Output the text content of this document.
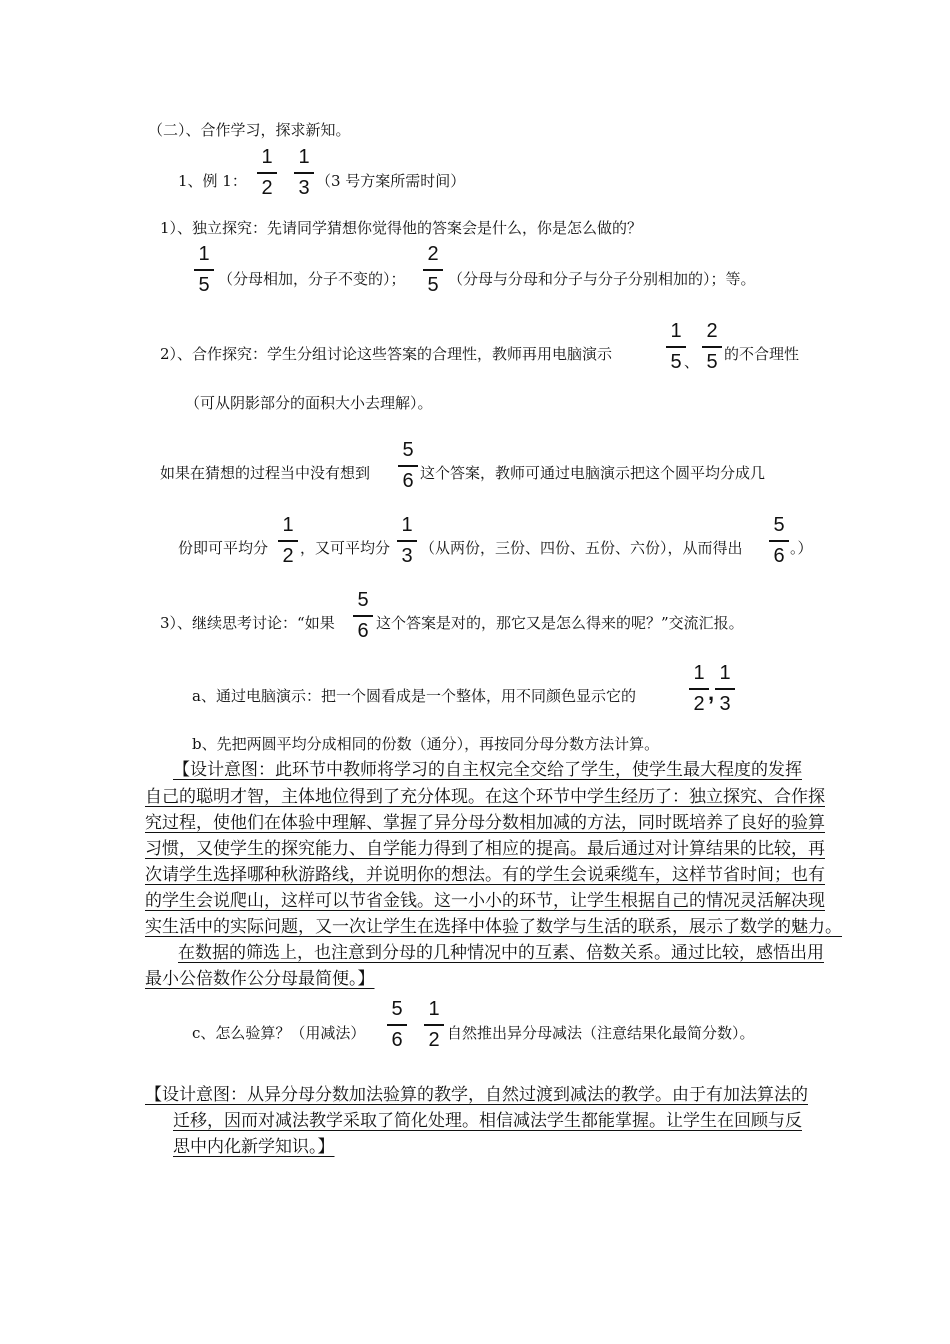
（二）、合作学习，探求新知。
1、例 1：
1
2
1
3 （3 号方案所需时间）
1）、独立探究：先请同学猜想你觉得他的答案会是什么，你是怎么做的？
1
5 （分母相加，分子不变的）；
2
5 （分母与分母和分子与分子分别相加的）；等。
2）、合作探究：学生分组讨论这些答案的合理性，教师再用电脑演示
1
5 、
2
5 的不合理性
（可从阴影部分的面积大小去理解）。
如果在猜想的过程当中没有想到
5
6 这个答案，教师可通过电脑演示把这个圆平均分成几
份即可平均分
1
2 ，又可平均分
1
3 （从两份，三份、四份、五份、六份），从而得出
5
6 。）
3）、继续思考讨论：“如果
5
6 这个答案是对的，那它又是怎么得来的呢？”交流汇报。
a、通过电脑演示：把一个圆看成是一个整体，用不同颜色显示它的
1
2 ,
1
3
b、先把两圆平均分成相同的份数（通分），再按同分母分数方法计算。
【设计意图：此环节中教师将学习的自主权完全交给了学生，使学生最大程度的发挥
自己的聪明才智，主体地位得到了充分体现。在这个环节中学生经历了：独立探究、合作探
究过程，使他们在体验中理解、掌握了异分母分数相加减的方法，同时既培养了良好的验算
习惯，又使学生的探究能力、自学能力得到了相应的提高。最后通过对计算结果的比较，再
次请学生选择哪种秋游路线，并说明你的想法。有的学生会说乘缆车，这样节省时间；也有
的学生会说爬山，这样可以节省金钱。这一小小的环节，让学生根据自己的情况灵活解决现
实生活中的实际问题，又一次让学生在选择中体验了数学与生活的联系，展示了数学的魅力。
在数据的筛选上，也注意到分母的几种情况中的互素、倍数关系。通过比较，感悟出用
最小公倍数作公分母最简便。】
c、怎么验算？（用减法）
5
6
1
2 自然推出异分母减法（注意结果化最简分数）。
【设计意图：从异分母分数加法验算的教学，自然过渡到减法的教学。由于有加法算法的
迁移，因而对减法教学采取了简化处理。相信减法学生都能掌握。让学生在回顾与反
思中内化新学知识。】
